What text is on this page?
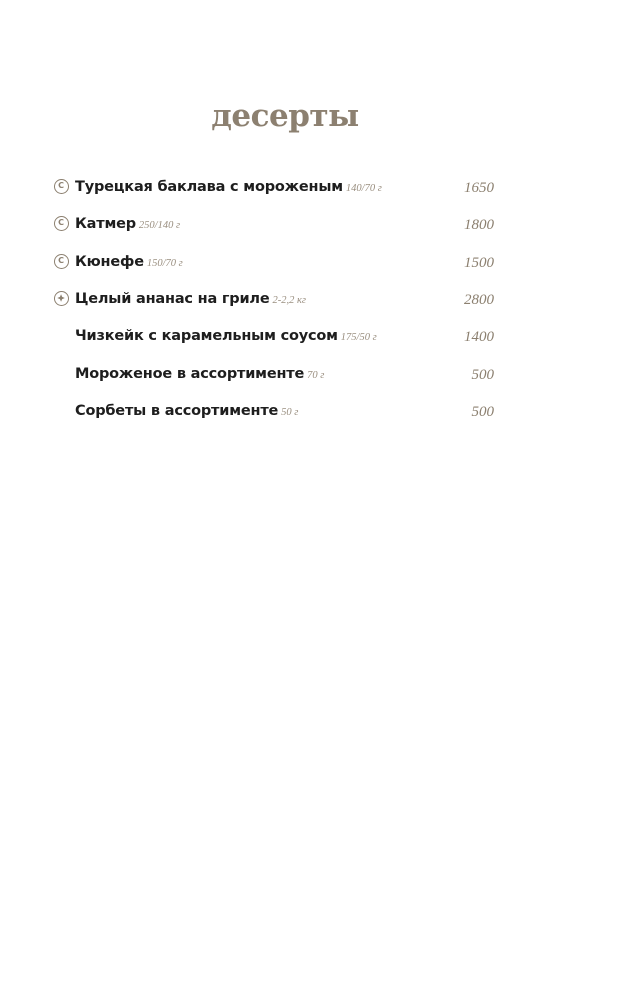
десерты
C
Турецкая баклава с мороженым 140/70 г	1650
C
Катмер 250/140 г	1800
C
Кюнефе 150/70 г	1500
Целый ананас на гриле 2-2,2 кг	2800
Чизкейк с карамельным соусом 175/50 г	1400
Мороженое в ассортименте 70 г	500
Сорбеты в ассортименте 50 г	500
